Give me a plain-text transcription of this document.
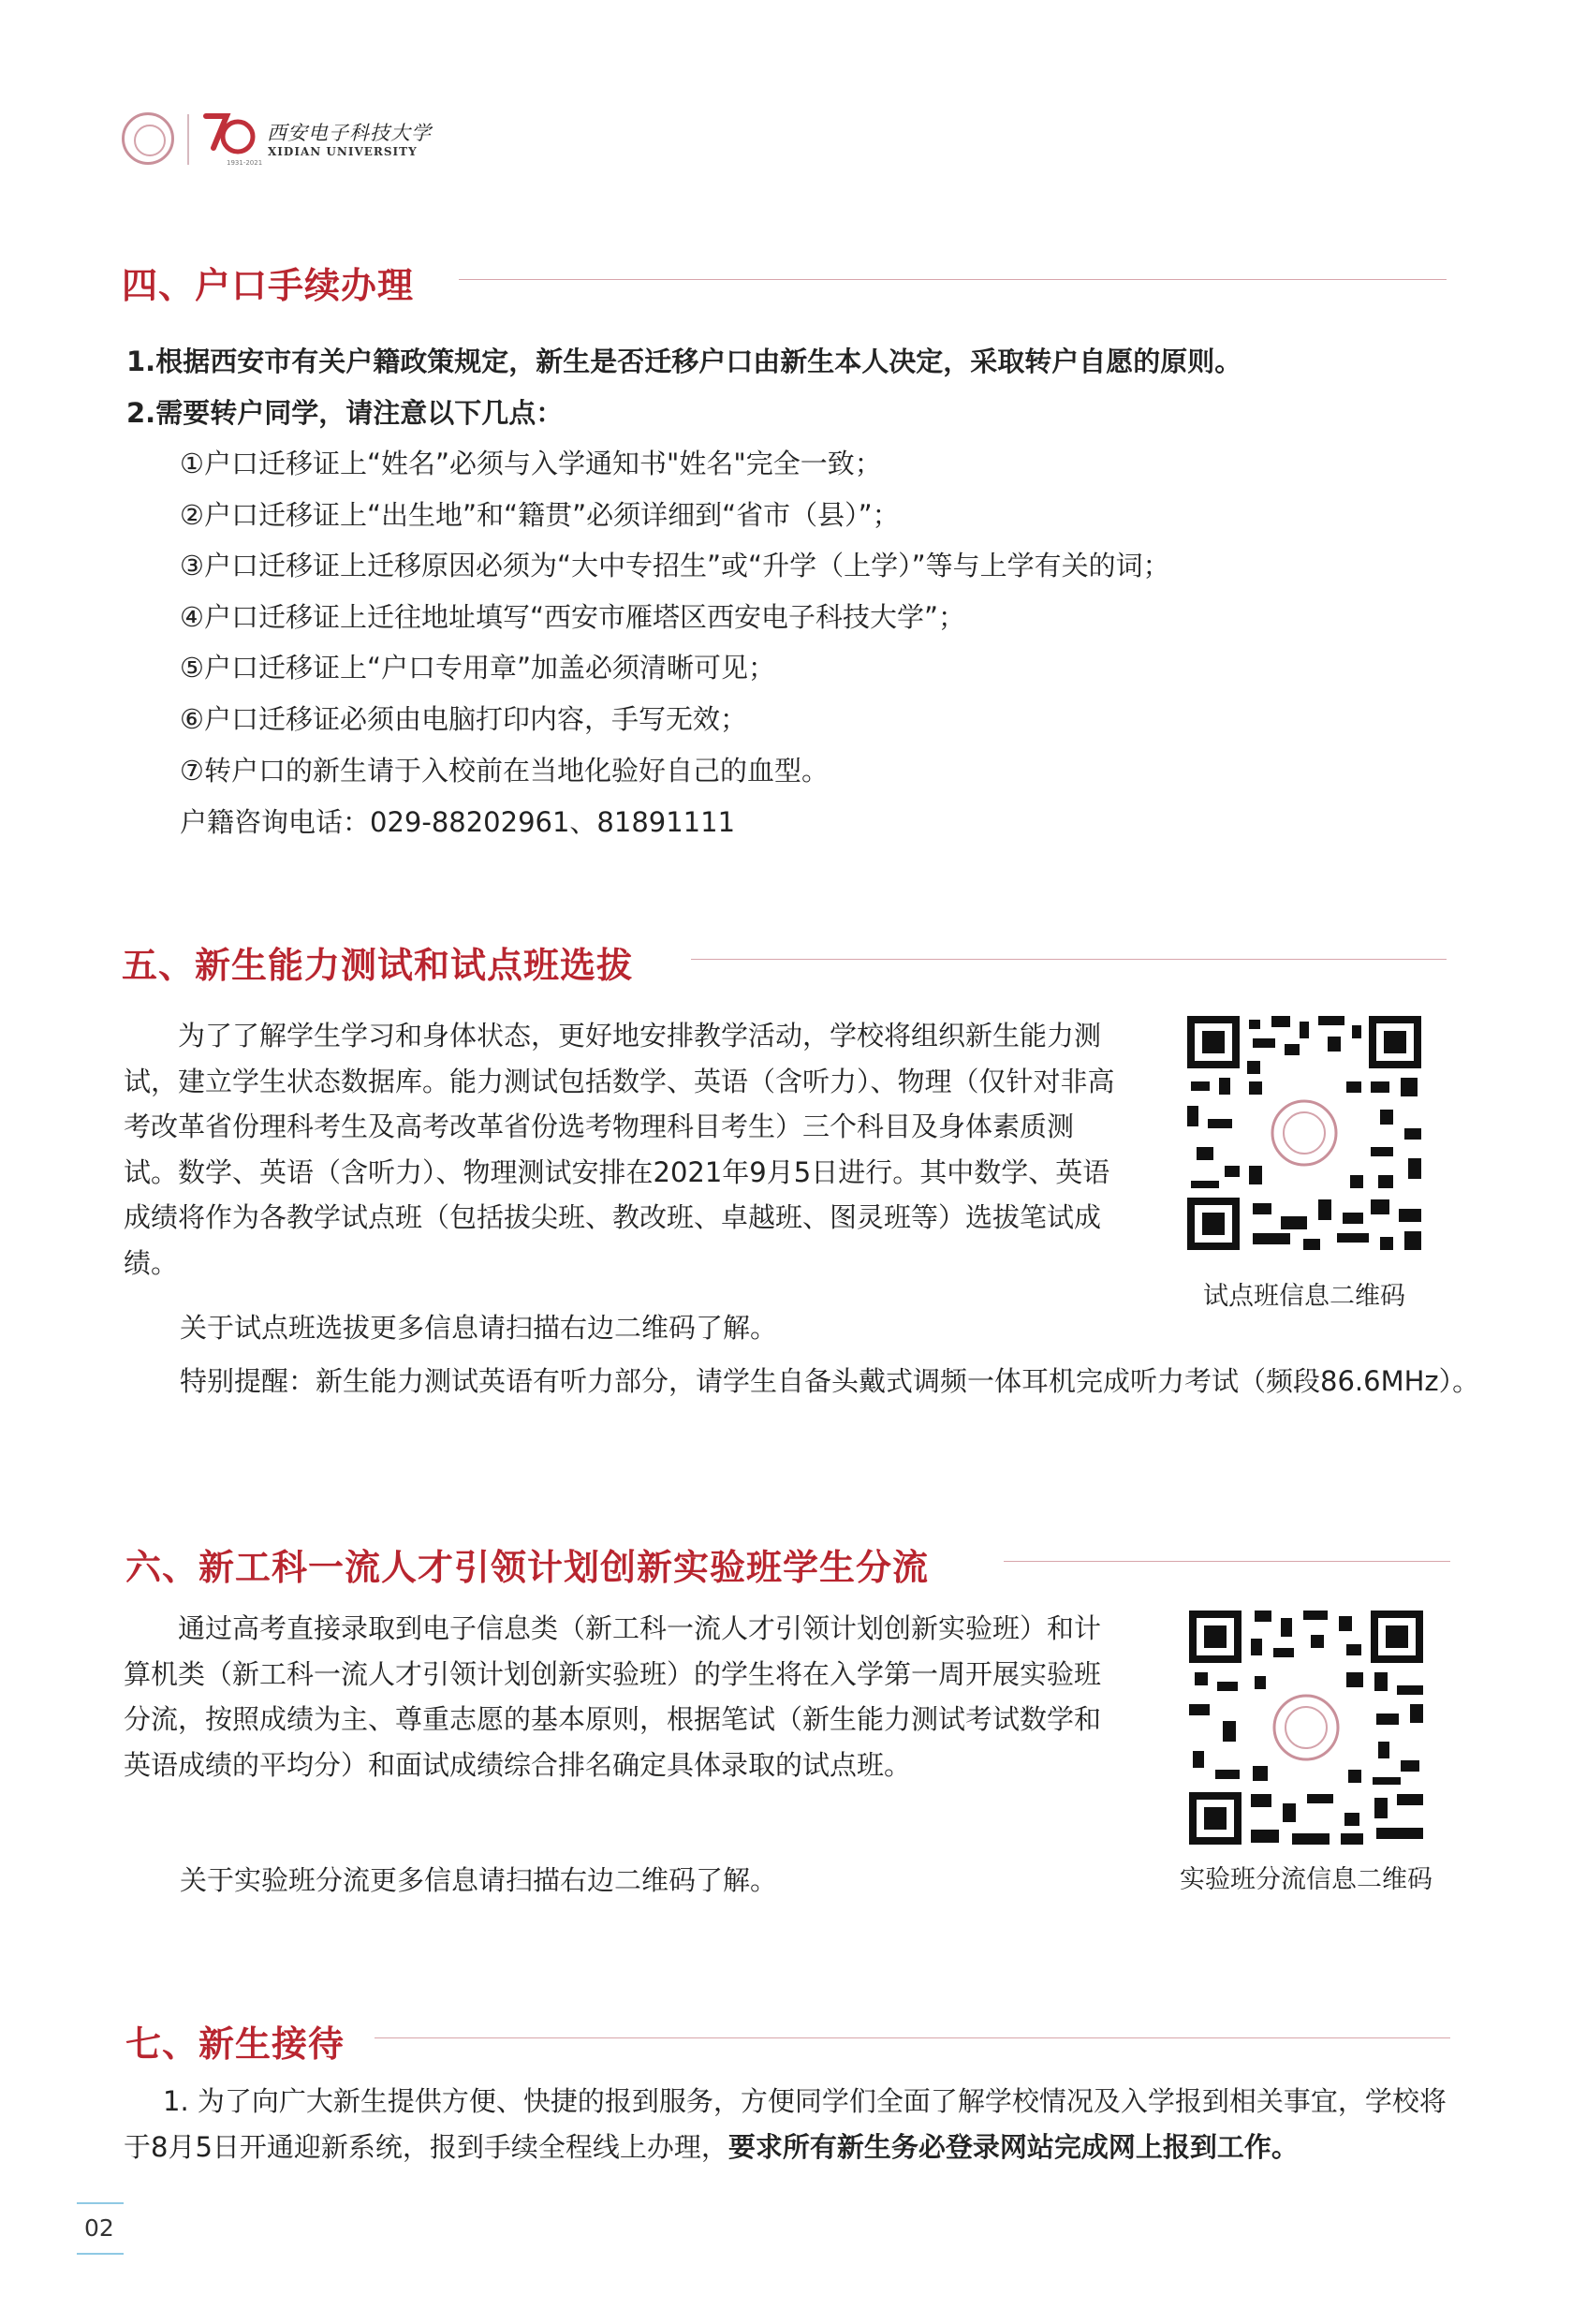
1931-2021
西安电子科技大学
XIDIAN UNIVERSITY
四、户口手续办理
1.根据西安市有关户籍政策规定，新生是否迁移户口由新生本人决定，采取转户自愿的原则。
2.需要转户同学，请注意以下几点：
①户口迁移证上“姓名”必须与入学通知书"姓名"完全一致；
②户口迁移证上“出生地”和“籍贯”必须详细到“省市（县）”；
③户口迁移证上迁移原因必须为“大中专招生”或“升学（上学）”等与上学有关的词；
④户口迁移证上迁往地址填写“西安市雁塔区西安电子科技大学”；
⑤户口迁移证上“户口专用章”加盖必须清晰可见；
⑥户口迁移证必须由电脑打印内容，手写无效；
⑦转户口的新生请于入校前在当地化验好自己的血型。
户籍咨询电话：029-88202961、81891111
五、新生能力测试和试点班选拔
为了了解学生学习和身体状态，更好地安排教学活动，学校将组织新生能力测试，建立学生状态数据库。能力测试包括数学、英语（含听力）、物理（仅针对非高考改革省份理科考生及高考改革省份选考物理科目考生）三个科目及身体素质测试。数学、英语（含听力）、物理测试安排在2021年9月5日进行。其中数学、英语成绩将作为各教学试点班（包括拔尖班、教改班、卓越班、图灵班等）选拔笔试成绩。
试点班信息二维码
关于试点班选拔更多信息请扫描右边二维码了解。
特别提醒：新生能力测试英语有听力部分，请学生自备头戴式调频一体耳机完成听力考试（频段86.6MHz）。
六、新工科一流人才引领计划创新实验班学生分流
通过高考直接录取到电子信息类（新工科一流人才引领计划创新实验班）和计算机类（新工科一流人才引领计划创新实验班）的学生将在入学第一周开展实验班分流，按照成绩为主、尊重志愿的基本原则，根据笔试（新生能力测试考试数学和英语成绩的平均分）和面试成绩综合排名确定具体录取的试点班。
实验班分流信息二维码
关于实验班分流更多信息请扫描右边二维码了解。
七、新生接待
1. 为了向广大新生提供方便、快捷的报到服务，方便同学们全面了解学校情况及入学报到相关事宜，学校将于8月5日开通迎新系统，报到手续全程线上办理，要求所有新生务必登录网站完成网上报到工作。
02
